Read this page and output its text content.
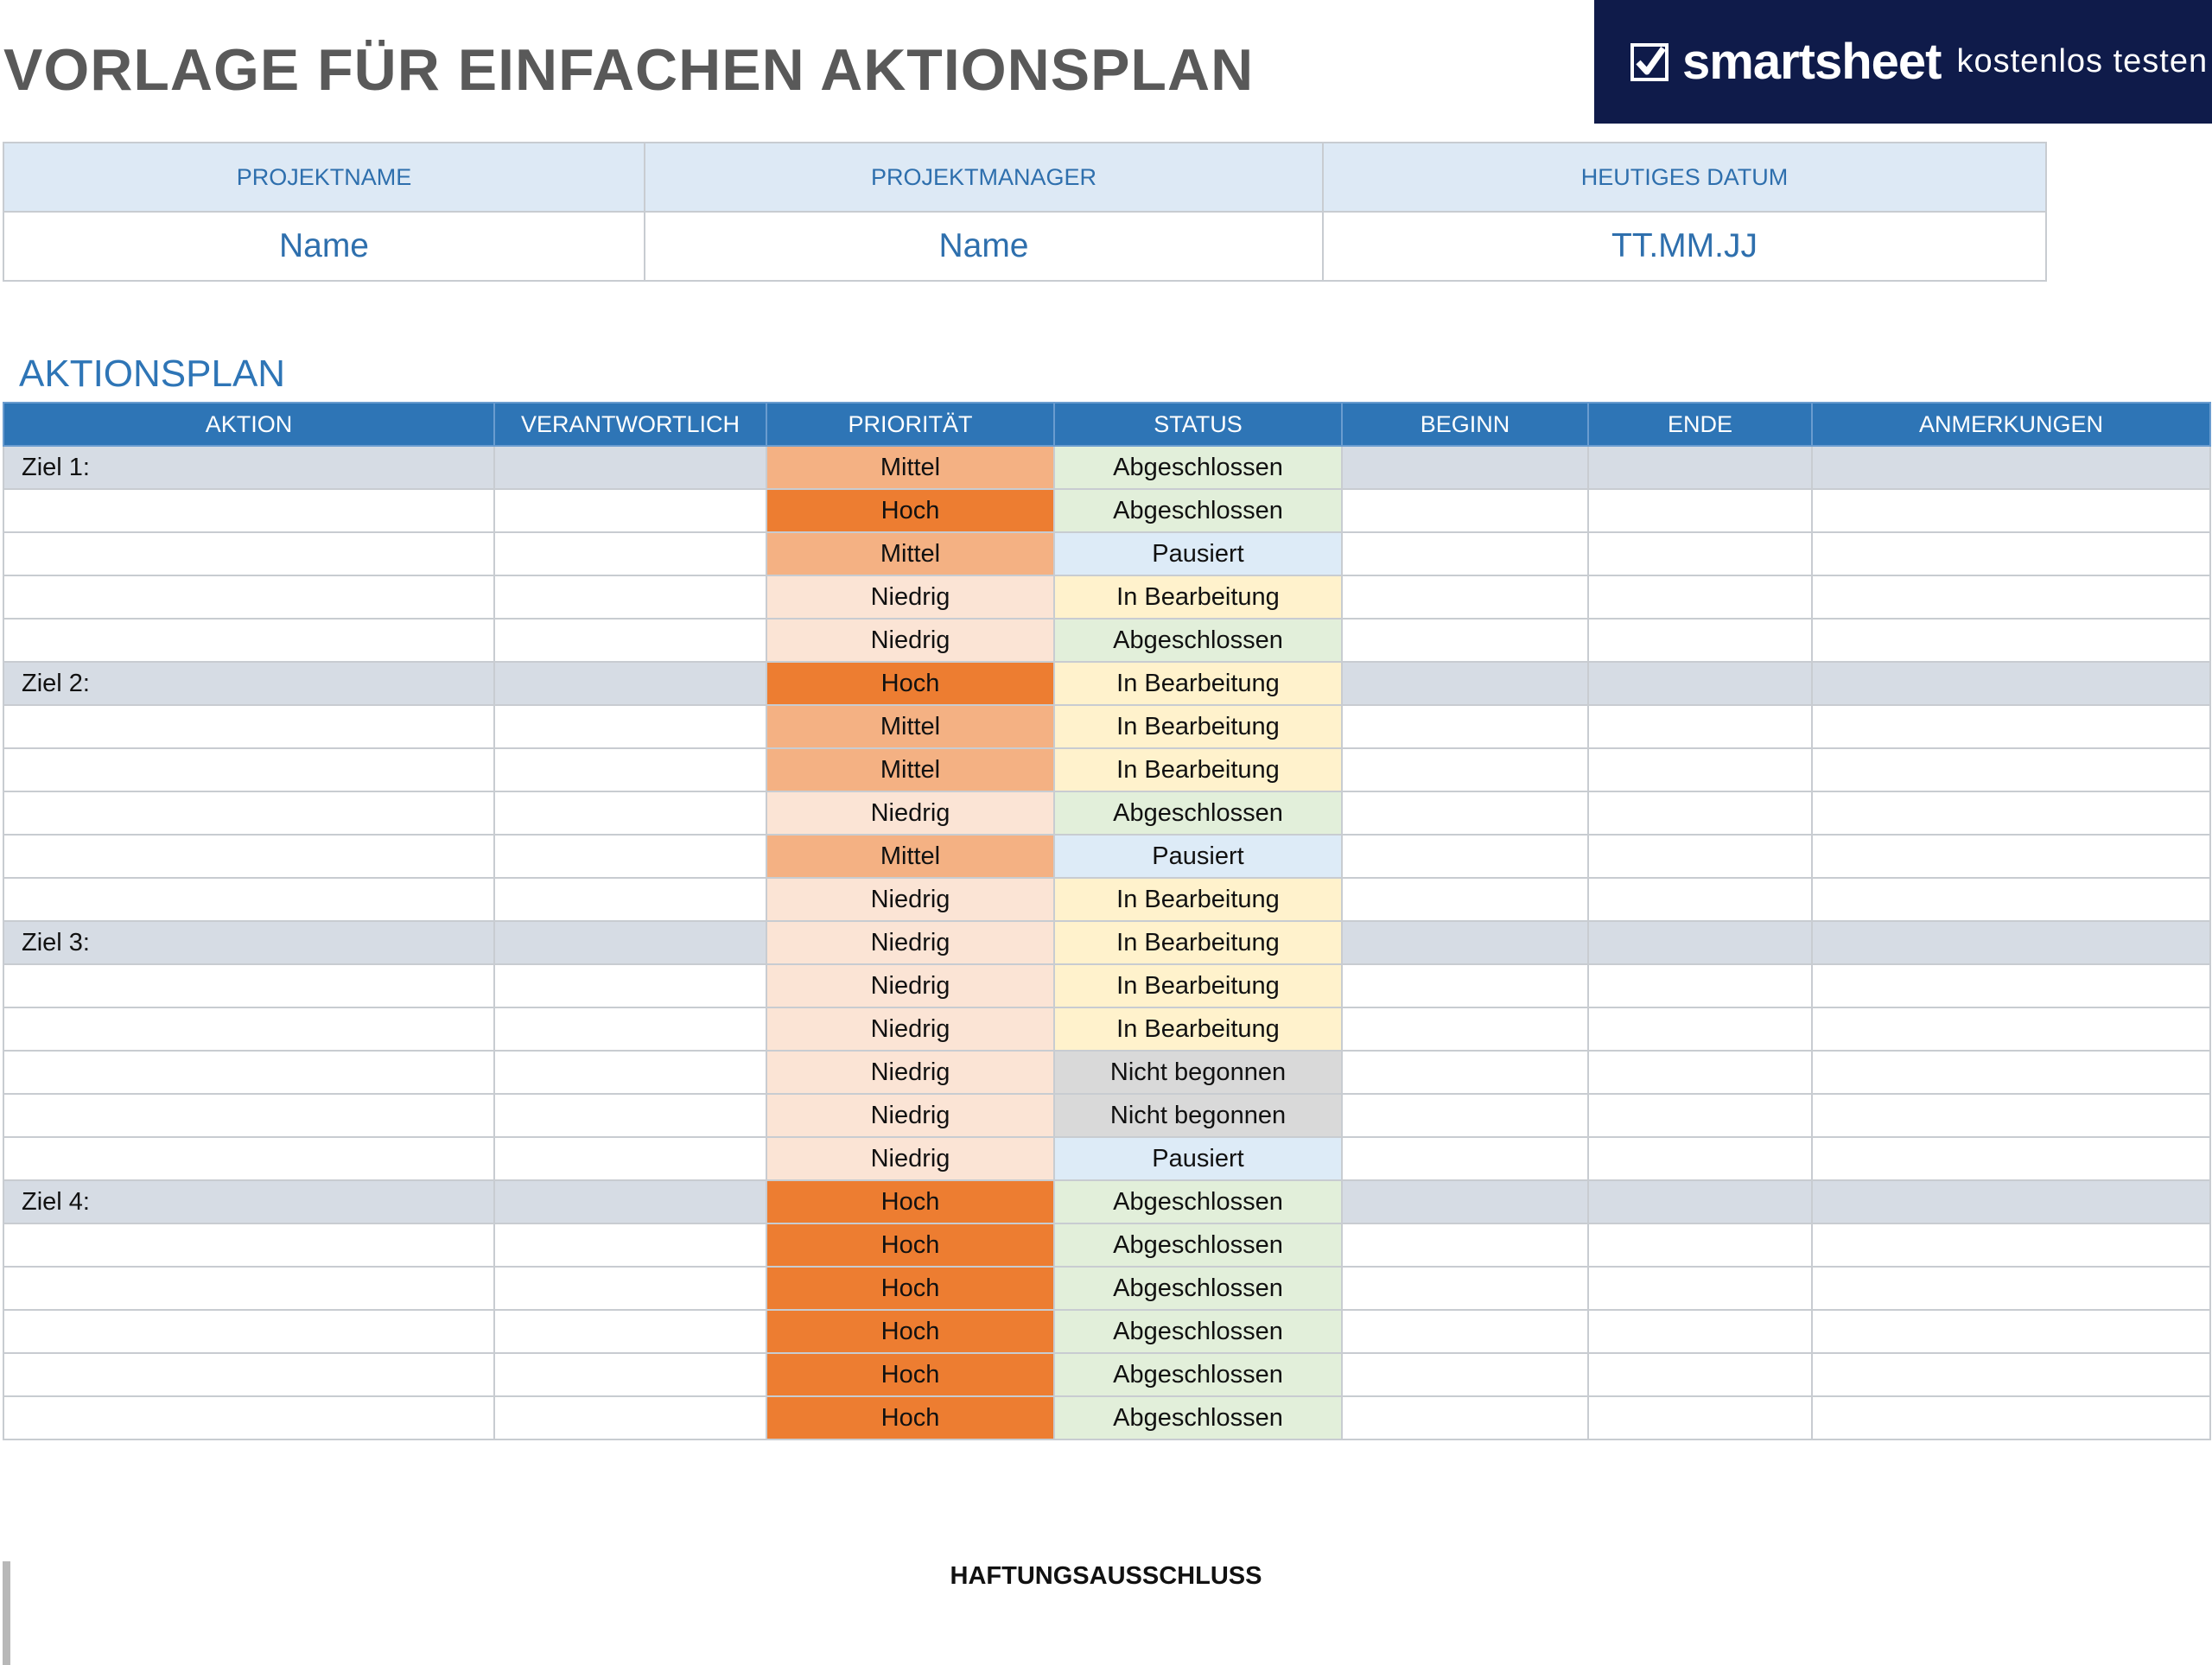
VORLAGE FÜR EINFACHEN AKTIONSPLAN	smartsheet kostenlos testen
PROJEKTNAME	PROJEKTMANAGER	HEUTIGES DATUM
Name	Name	TT.MM.JJ
AKTIONSPLAN
AKTION	VERANTWORTLICH	PRIORITÄT	STATUS	BEGINN	ENDE	ANMERKUNGEN
Ziel 1:		Mittel	Abgeschlossen			
		Hoch	Abgeschlossen			
		Mittel	Pausiert			
		Niedrig	In Bearbeitung			
		Niedrig	Abgeschlossen			
Ziel 2:		Hoch	In Bearbeitung			
		Mittel	In Bearbeitung			
		Mittel	In Bearbeitung			
		Niedrig	Abgeschlossen			
		Mittel	Pausiert			
		Niedrig	In Bearbeitung			
Ziel 3:		Niedrig	In Bearbeitung			
		Niedrig	In Bearbeitung			
		Niedrig	In Bearbeitung			
		Niedrig	Nicht begonnen			
		Niedrig	Nicht begonnen			
		Niedrig	Pausiert			
Ziel 4:		Hoch	Abgeschlossen			
		Hoch	Abgeschlossen			
		Hoch	Abgeschlossen			
		Hoch	Abgeschlossen			
		Hoch	Abgeschlossen			
		Hoch	Abgeschlossen			
HAFTUNGSAUSSCHLUSS
